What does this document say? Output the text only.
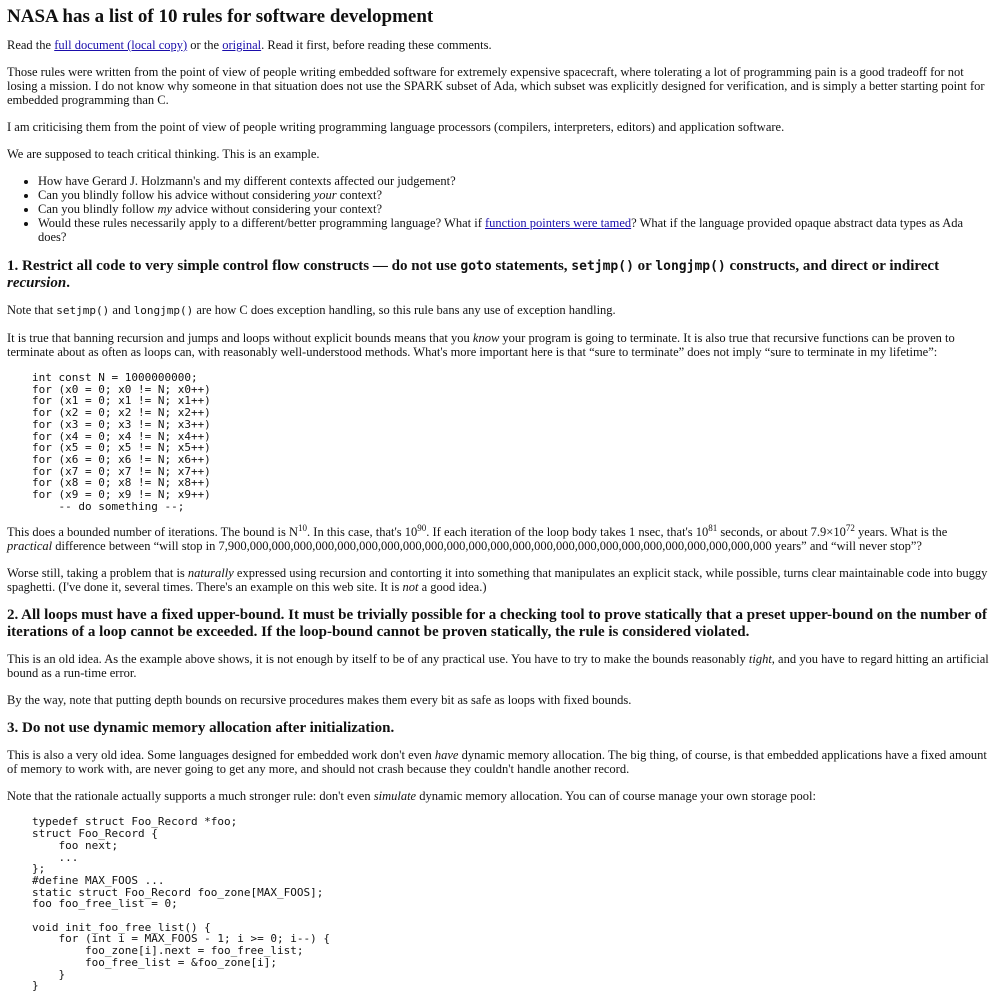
NASA has a list of 10 rules for software development

Read the full document (local copy) or the original. Read it first, before reading these comments.

Those rules were written from the point of view of people writing embedded software for extremely expensive spacecraft, where tolerating a lot of programming pain is a good tradeoff for not losing a mission. I do not know why someone in that situation does not use the SPARK subset of Ada, which subset was explicitly designed for verification, and is simply a better starting point for embedded programming than C.

I am criticising them from the point of view of people writing programming language processors (compilers, interpreters, editors) and application software.

We are supposed to teach critical thinking. This is an example.

• How have Gerard J. Holzmann's and my different contexts affected our judgement?
• Can you blindly follow his advice without considering your context?
• Can you blindly follow my advice without considering your context?
• Would these rules necessarily apply to a different/better programming language? What if function pointers were tamed? What if the language provided opaque abstract data types as Ada does?
1. Restrict all code to very simple control flow constructs — do not use goto statements, setjmp() or longjmp() constructs, and direct or indirect recursion.

Note that setjmp() and longjmp() are how C does exception handling, so this rule bans any use of exception handling.

It is true that banning recursion and jumps and loops without explicit bounds means that you know your program is going to terminate. It is also true that recursive functions can be proven to terminate about as often as loops can, with reasonably well-understood methods. What's more important here is that “sure to terminate” does not imply “sure to terminate in my lifetime”:

int const N = 1000000000;
for (x0 = 0; x0 != N; x0++)
for (x1 = 0; x1 != N; x1++)
for (x2 = 0; x2 != N; x2++)
for (x3 = 0; x3 != N; x3++)
for (x4 = 0; x4 != N; x4++)
for (x5 = 0; x5 != N; x5++)
for (x6 = 0; x6 != N; x6++)
for (x7 = 0; x7 != N; x7++)
for (x8 = 0; x8 != N; x8++)
for (x9 = 0; x9 != N; x9++)
-- do something --;

This does a bounded number of iterations. The bound is $N^{10}$. In this case, that's $10^{90}$. If each iteration of the loop body takes 1 nsec, that's $10^{81}$ seconds, or about $7.9\times 10^{72}$ years. What is the practical difference between “will stop in 7,900,000,000,000,000,000,000,000,000,000,000,000,000,000,000,000,000,000,000,000,000,000,000,000,000 years” and “will never stop”?

Worse still, taking a problem that is naturally expressed using recursion and contorting it into something that manipulates an explicit stack, while possible, turns clear maintainable code into buggy spaghetti. (I've done it, several times. There's an example on this web site. It is not a good idea.)

2. All loops must have a fixed upper-bound. It must be trivially possible for a checking tool to prove statically that a preset upper-bound on the number of iterations of a loop cannot be exceeded. If the loop-bound cannot be proven statically, the rule is considered violated.

This is an old idea. As the example above shows, it is not enough by itself to be of any practical use. You have to try to make the bounds reasonably tight, and you have to regard hitting an artificial bound as a run-time error.

By the way, note that putting depth bounds on recursive procedures makes them every bit as safe as loops with fixed bounds.

3. Do not use dynamic memory allocation after initialization.

This is also a very old idea. Some languages designed for embedded work don't even have dynamic memory allocation. The big thing, of course, is that embedded applications have a fixed amount of memory to work with, are never going to get any more, and should not crash because they couldn't handle another record.

Note that the rationale actually supports a much stronger rule: don't even simulate dynamic memory allocation. You can of course manage your own storage pool:

typedef struct Foo_Record *foo;
struct Foo_Record {
foo next;
...
};
#define MAX_FOOS ...
static struct Foo_Record foo_zone[MAX_FOOS];
foo foo_free_list = 0;

void init_foo_free_list() {
for (int i = MAX_FOOS - 1; i >= 0; i--) {
foo_zone[i].next = foo_free_list;
foo_free_list = &foo_zone[i];
}
}
